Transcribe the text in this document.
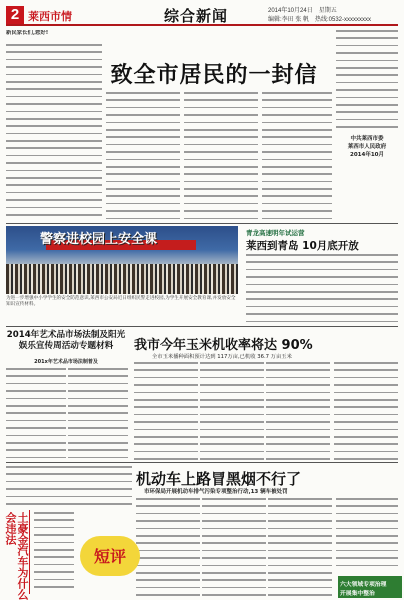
2 莱西市情	综合新闻	2014年10月24日　星期五
编辑:李田 张 帆　热线:0532-xxxxxxxxx
新民家长们,您好!
致全市居民的一封信
中共莱西市委
莱西市人民政府
2014年10月
警察进校园上安全课
为进一步增强中小学学生的安全防范意识,莱西市公安局近日组织民警走进校园,为学生开展安全教育课,并发放安全知识宣传材料。
青龙高速明年试运营
莱西到青岛 10月底开放
2014年艺术品市场法制及阳光娱乐宣传周活动专题材料
201x年艺术品市场法制普及
我市今年玉米机收率将达 90%
全市玉米播种面积预计达到 117万亩,已机收 36.7 万亩玉米
机动车上路冒黑烟不行了
市环保局开展机动车排气污染专项整治行动,13 辆车被处罚
土豪金汽车为什么会违法
短评
六大领域专项治理
开展集中整治
